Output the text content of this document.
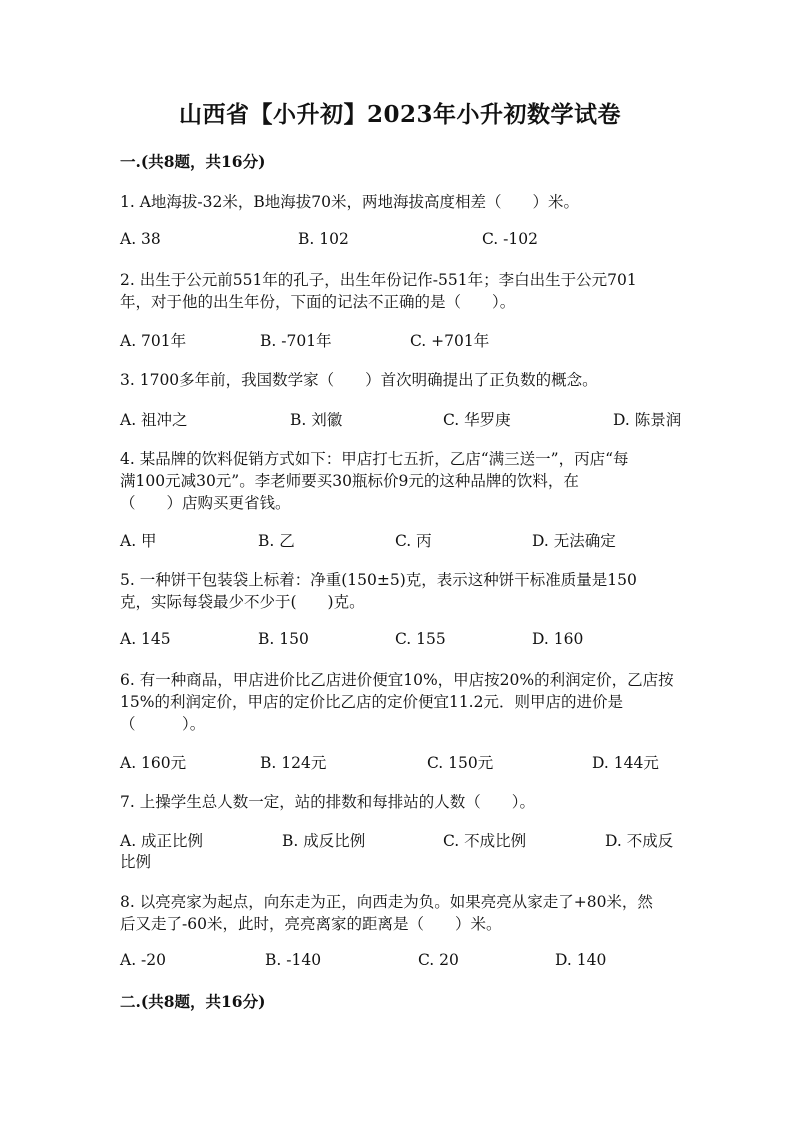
山西省【小升初】2023年小升初数学试卷
一.(共8题，共16分)
1. A地海拔-32米，B地海拔70米，两地海拔高度相差（　　）米。
A. 38	B. 102	C. -102
2. 出生于公元前551年的孔子，出生年份记作-551年；李白出生于公元701
年，对于他的出生年份，下面的记法不正确的是（　　）。
A. 701年	B. -701年	C. +701年
3. 1700多年前，我国数学家（　　）首次明确提出了正负数的概念。
A. 祖冲之	B. 刘徽	C. 华罗庚	D. 陈景润
4. 某品牌的饮料促销方式如下：甲店打七五折，乙店“满三送一”，丙店“每
满100元减30元”。李老师要买30瓶标价9元的这种品牌的饮料，在
（　　）店购买更省钱。
A. 甲	B. 乙	C. 丙	D. 无法确定
5. 一种饼干包装袋上标着：净重(150±5)克，表示这种饼干标准质量是150
克，实际每袋最少不少于(　　)克。
A. 145	B. 150	C. 155	D. 160
6. 有一种商品，甲店进价比乙店进价便宜10%，甲店按20%的利润定价，乙店按
15%的利润定价，甲店的定价比乙店的定价便宜11.2元．则甲店的进价是
（　　　）。
A. 160元	B. 124元	C. 150元	D. 144元
7. 上操学生总人数一定，站的排数和每排站的人数（　　）。
A. 成正比例	B. 成反比例	C. 不成比例	D. 不成反
比例
8. 以亮亮家为起点，向东走为正，向西走为负。如果亮亮从家走了+80米，然
后又走了-60米，此时，亮亮离家的距离是（　　）米。
A. -20	B. -140	C. 20	D. 140
二.(共8题，共16分)
